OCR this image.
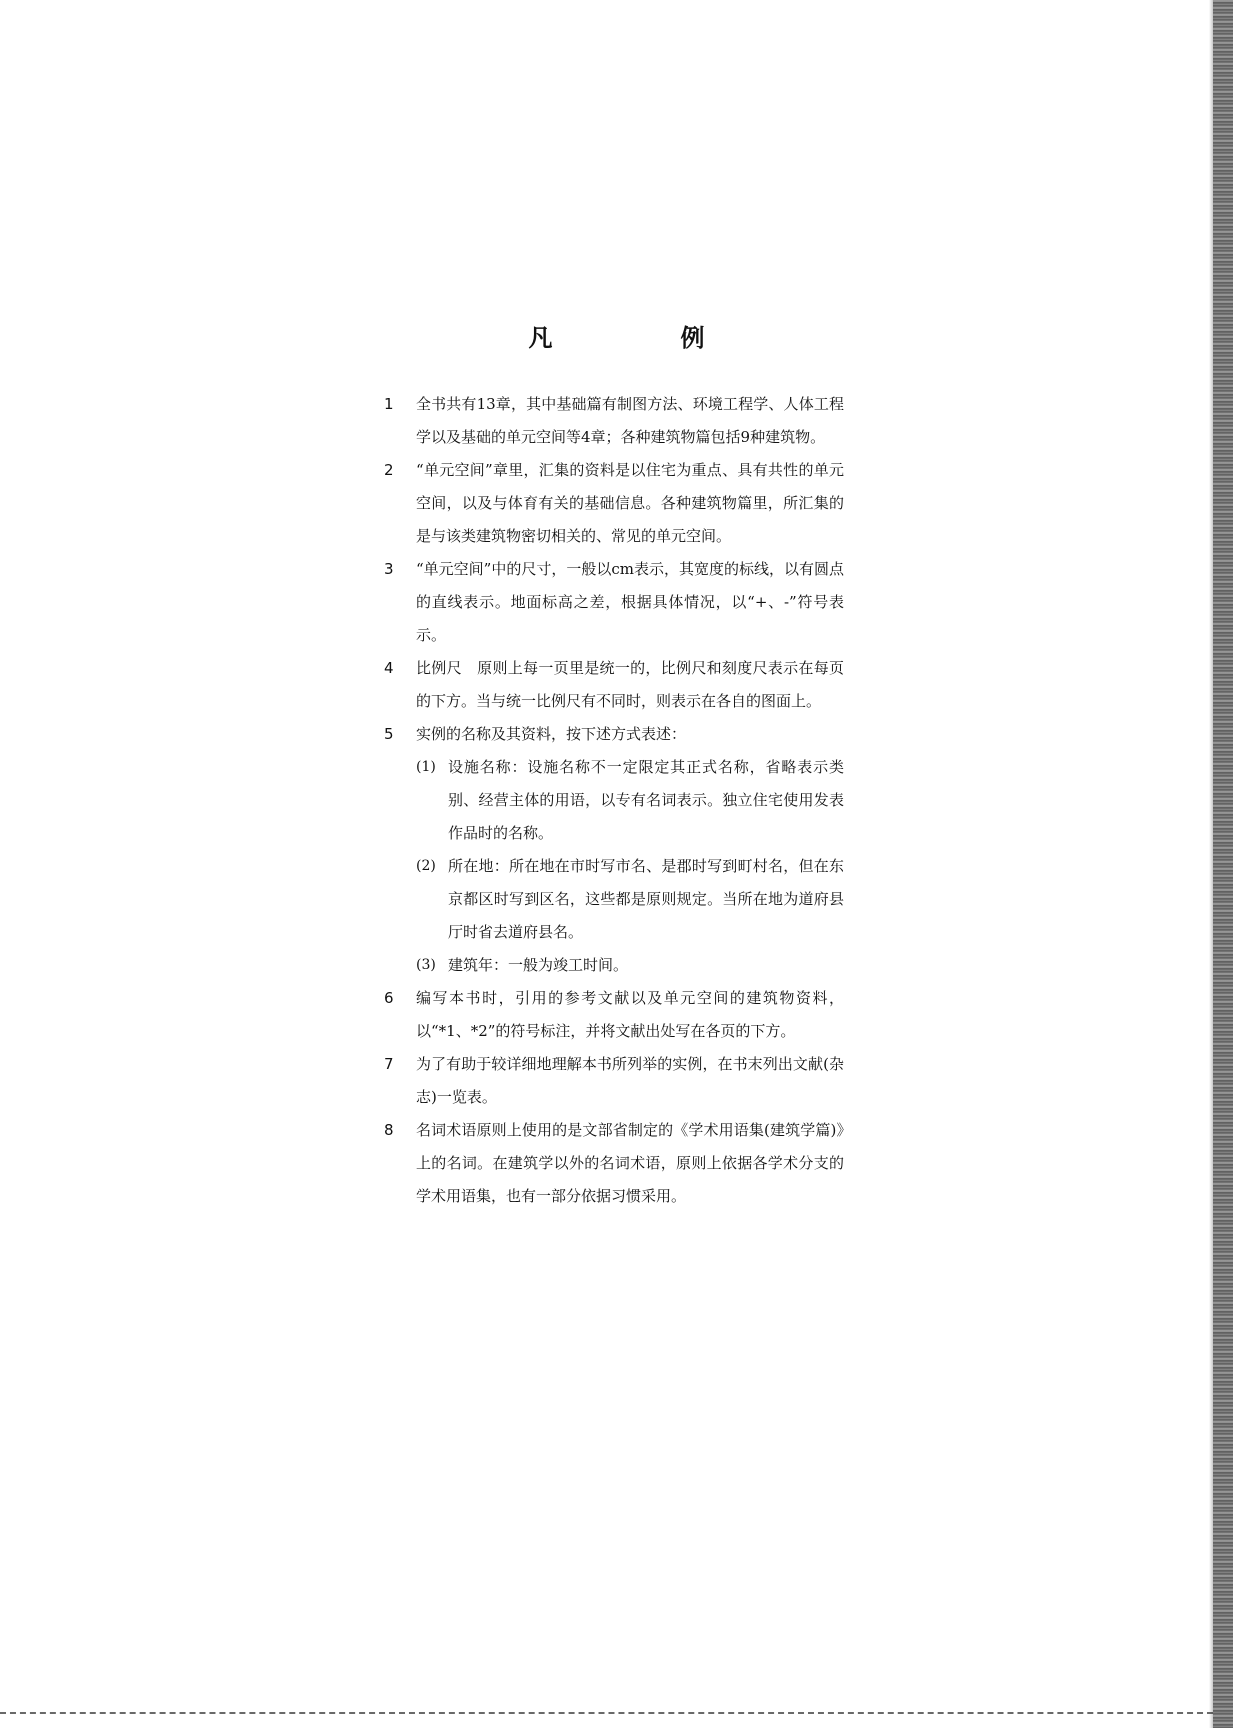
凡　例
1 全书共有13章，其中基础篇有制图方法、环境工程学、人体工程学以及基础的单元空间等4章；各种建筑物篇包括9种建筑物。
2 “单元空间”章里，汇集的资料是以住宅为重点、具有共性的单元空间，以及与体育有关的基础信息。各种建筑物篇里，所汇集的是与该类建筑物密切相关的、常见的单元空间。
3 “单元空间”中的尺寸，一般以cm表示，其宽度的标线，以有圆点的直线表示。地面标高之差，根据具体情况，以“+、-”符号表示。
4 比例尺　原则上每一页里是统一的，比例尺和刻度尺表示在每页的下方。当与统一比例尺有不同时，则表示在各自的图面上。
5 实例的名称及其资料，按下述方式表述：
(1) 设施名称：设施名称不一定限定其正式名称，省略表示类别、经营主体的用语，以专有名词表示。独立住宅使用发表作品时的名称。
(2) 所在地：所在地在市时写市名、是郡时写到町村名，但在东京都区时写到区名，这些都是原则规定。当所在地为道府县厅时省去道府县名。
(3) 建筑年：一般为竣工时间。
6 编写本书时，引用的参考文献以及单元空间的建筑物资料，以“*1、*2”的符号标注，并将文献出处写在各页的下方。
7 为了有助于较详细地理解本书所列举的实例，在书末列出文献(杂志)一览表。
8 名词术语原则上使用的是文部省制定的《学术用语集(建筑学篇)》上的名词。在建筑学以外的名词术语，原则上依据各学术分支的学术用语集，也有一部分依据习惯采用。
